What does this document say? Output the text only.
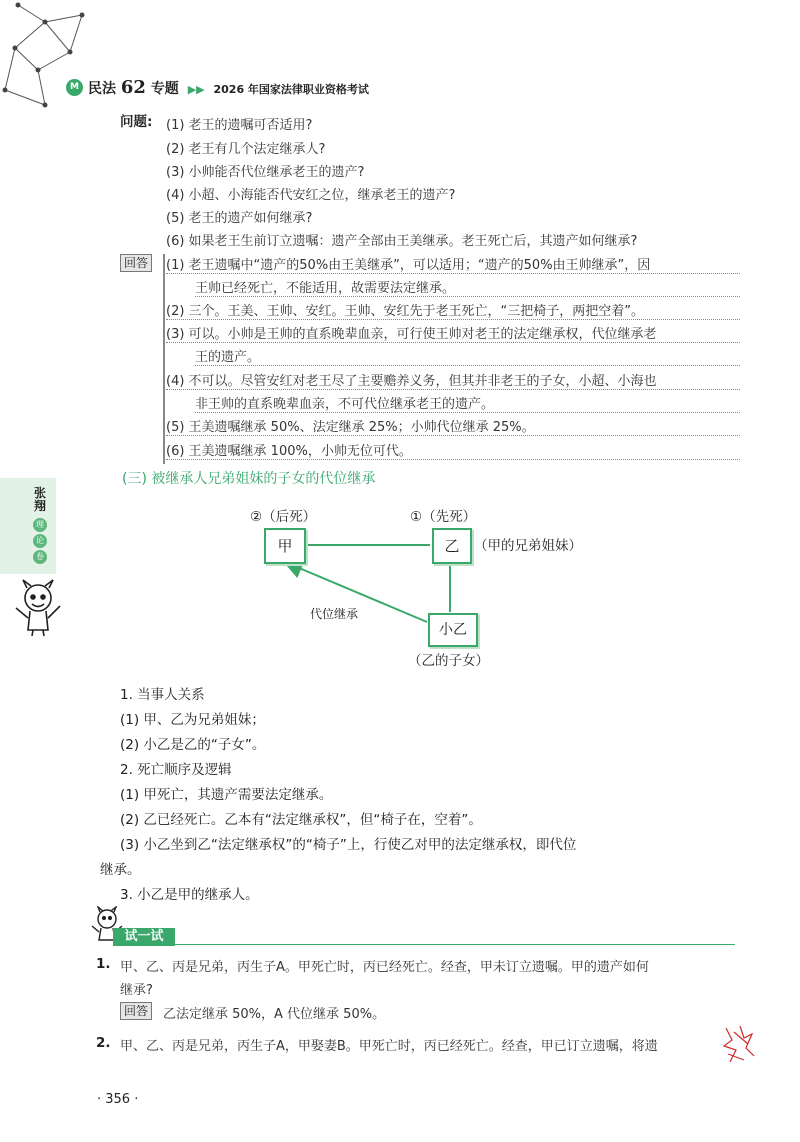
M 民法 62 专题 ▶▶ 2026 年国家法律职业资格考试
张
翔
理
论
卷
问题: (1) 老王的遗嘱可否适用?
(2) 老王有几个法定继承人?
(3) 小帅能否代位继承老王的遗产?
(4) 小超、小海能否代安红之位，继承老王的遗产?
(5) 老王的遗产如何继承?
(6) 如果老王生前订立遗嘱：遗产全部由王美继承。老王死亡后，其遗产如何继承?
回答	(1) 老王遗嘱中“遗产的50%由王美继承”，可以适用；“遗产的50%由王帅继承”，因
王帅已经死亡，不能适用，故需要法定继承。
(2) 三个。王美、王帅、安红。王帅、安红先于老王死亡，“三把椅子，两把空着”。
(3) 可以。小帅是王帅的直系晚辈血亲，可行使王帅对老王的法定继承权，代位继承老
王的遗产。
(4) 不可以。尽管安红对老王尽了主要赡养义务，但其并非老王的子女，小超、小海也
非王帅的直系晚辈血亲，不可代位继承老王的遗产。
(5) 王美遗嘱继承 50%、法定继承 25%；小帅代位继承 25%。
(6) 王美遗嘱继承 100%，小帅无位可代。
(三) 被继承人兄弟姐妹的子女的代位继承
②（后死）	①（先死）
甲	乙	（甲的兄弟姐妹）
小乙
（乙的子女）
代位继承
1. 当事人关系
(1) 甲、乙为兄弟姐妹；
(2) 小乙是乙的“子女”。
2. 死亡顺序及逻辑
(1) 甲死亡，其遗产需要法定继承。
(2) 乙已经死亡。乙本有“法定继承权”，但“椅子在，空着”。
(3) 小乙坐到乙“法定继承权”的“椅子”上，行使乙对甲的法定继承权，即代位
继承。
3. 小乙是甲的继承人。
试一试
1. 甲、乙、丙是兄弟，丙生子A。甲死亡时，丙已经死亡。经查，甲未订立遗嘱。甲的遗产如何
继承?
回答	乙法定继承 50%，A 代位继承 50%。
2. 甲、乙、丙是兄弟，丙生子A，甲娶妻B。甲死亡时，丙已经死亡。经查，甲已订立遗嘱，将遗
· 356 ·
